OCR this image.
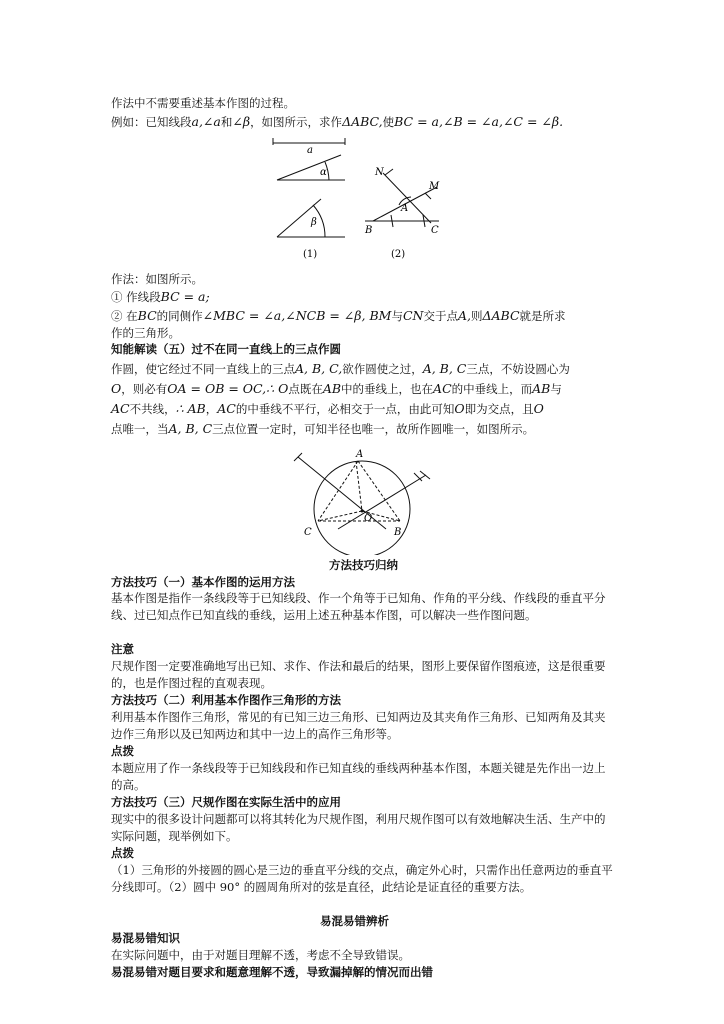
作法中不需要重述基本作图的过程。

例如：已知线段a,∠a和∠β，如图所示，求作ΔABC,使BC = a,∠B = ∠a,∠C = ∠β.

a
α
β
(1)
N
M
A
B	C
(2)

作法：如图所示。

① 作线段BC = a;

② 在BC的同侧作∠MBC = ∠a,∠NCB = ∠β, BM与CN交于点A,则ΔABC就是所求
作的三角形。

知能解读（五）过不在同一直线上的三点作圆

作圆，使它经过不同一直线上的三点A, B, C,欲作圆使之过，A, B, C三点，不妨设圆心为
O，则必有OA = OB = OC,∴ O点既在AB中的垂线上，也在AC的中垂线上，而AB与
AC不共线，∴ AB，AC的中垂线不平行，必相交于一点，由此可知O即为交点，且O
点唯一，当A, B, C三点位置一定时，可知半径也唯一，故所作圆唯一，如图所示。

A
B
C
O

方法技巧归纳

方法技巧（一）基本作图的运用方法

基本作图是指作一条线段等于已知线段、作一个角等于已知角、作角的平分线、作线段的垂直平分线、过已知点作已知直线的垂线，运用上述五种基本作图，可以解决一些作图问题。

注意

尺规作图一定要准确地写出已知、求作、作法和最后的结果，图形上要保留作图痕迹，这是很重要的，也是作图过程的直观表现。

方法技巧（二）利用基本作图作三角形的方法

利用基本作图作三角形，常见的有已知三边三角形、已知两边及其夹角作三角形、已知两角及其夹边作三角形以及已知两边和其中一边上的高作三角形等。

点拨

本题应用了作一条线段等于已知线段和作已知直线的垂线两种基本作图，本题关键是先作出一边上的高。

方法技巧（三）尺规作图在实际生活中的应用

现实中的很多设计问题都可以将其转化为尺规作图，利用尺规作图可以有效地解决生活、生产中的实际问题，现举例如下。

点拨

（1）三角形的外接圆的圆心是三边的垂直平分线的交点，确定外心时，只需作出任意两边的垂直平分线即可。（2）圆中 90° 的圆周角所对的弦是直径，此结论是证直径的重要方法。

易混易错辨析

易混易错知识

在实际问题中，由于对题目理解不透，考虑不全导致错误。

易混易错对题目要求和题意理解不透，导致漏掉解的情况而出错
